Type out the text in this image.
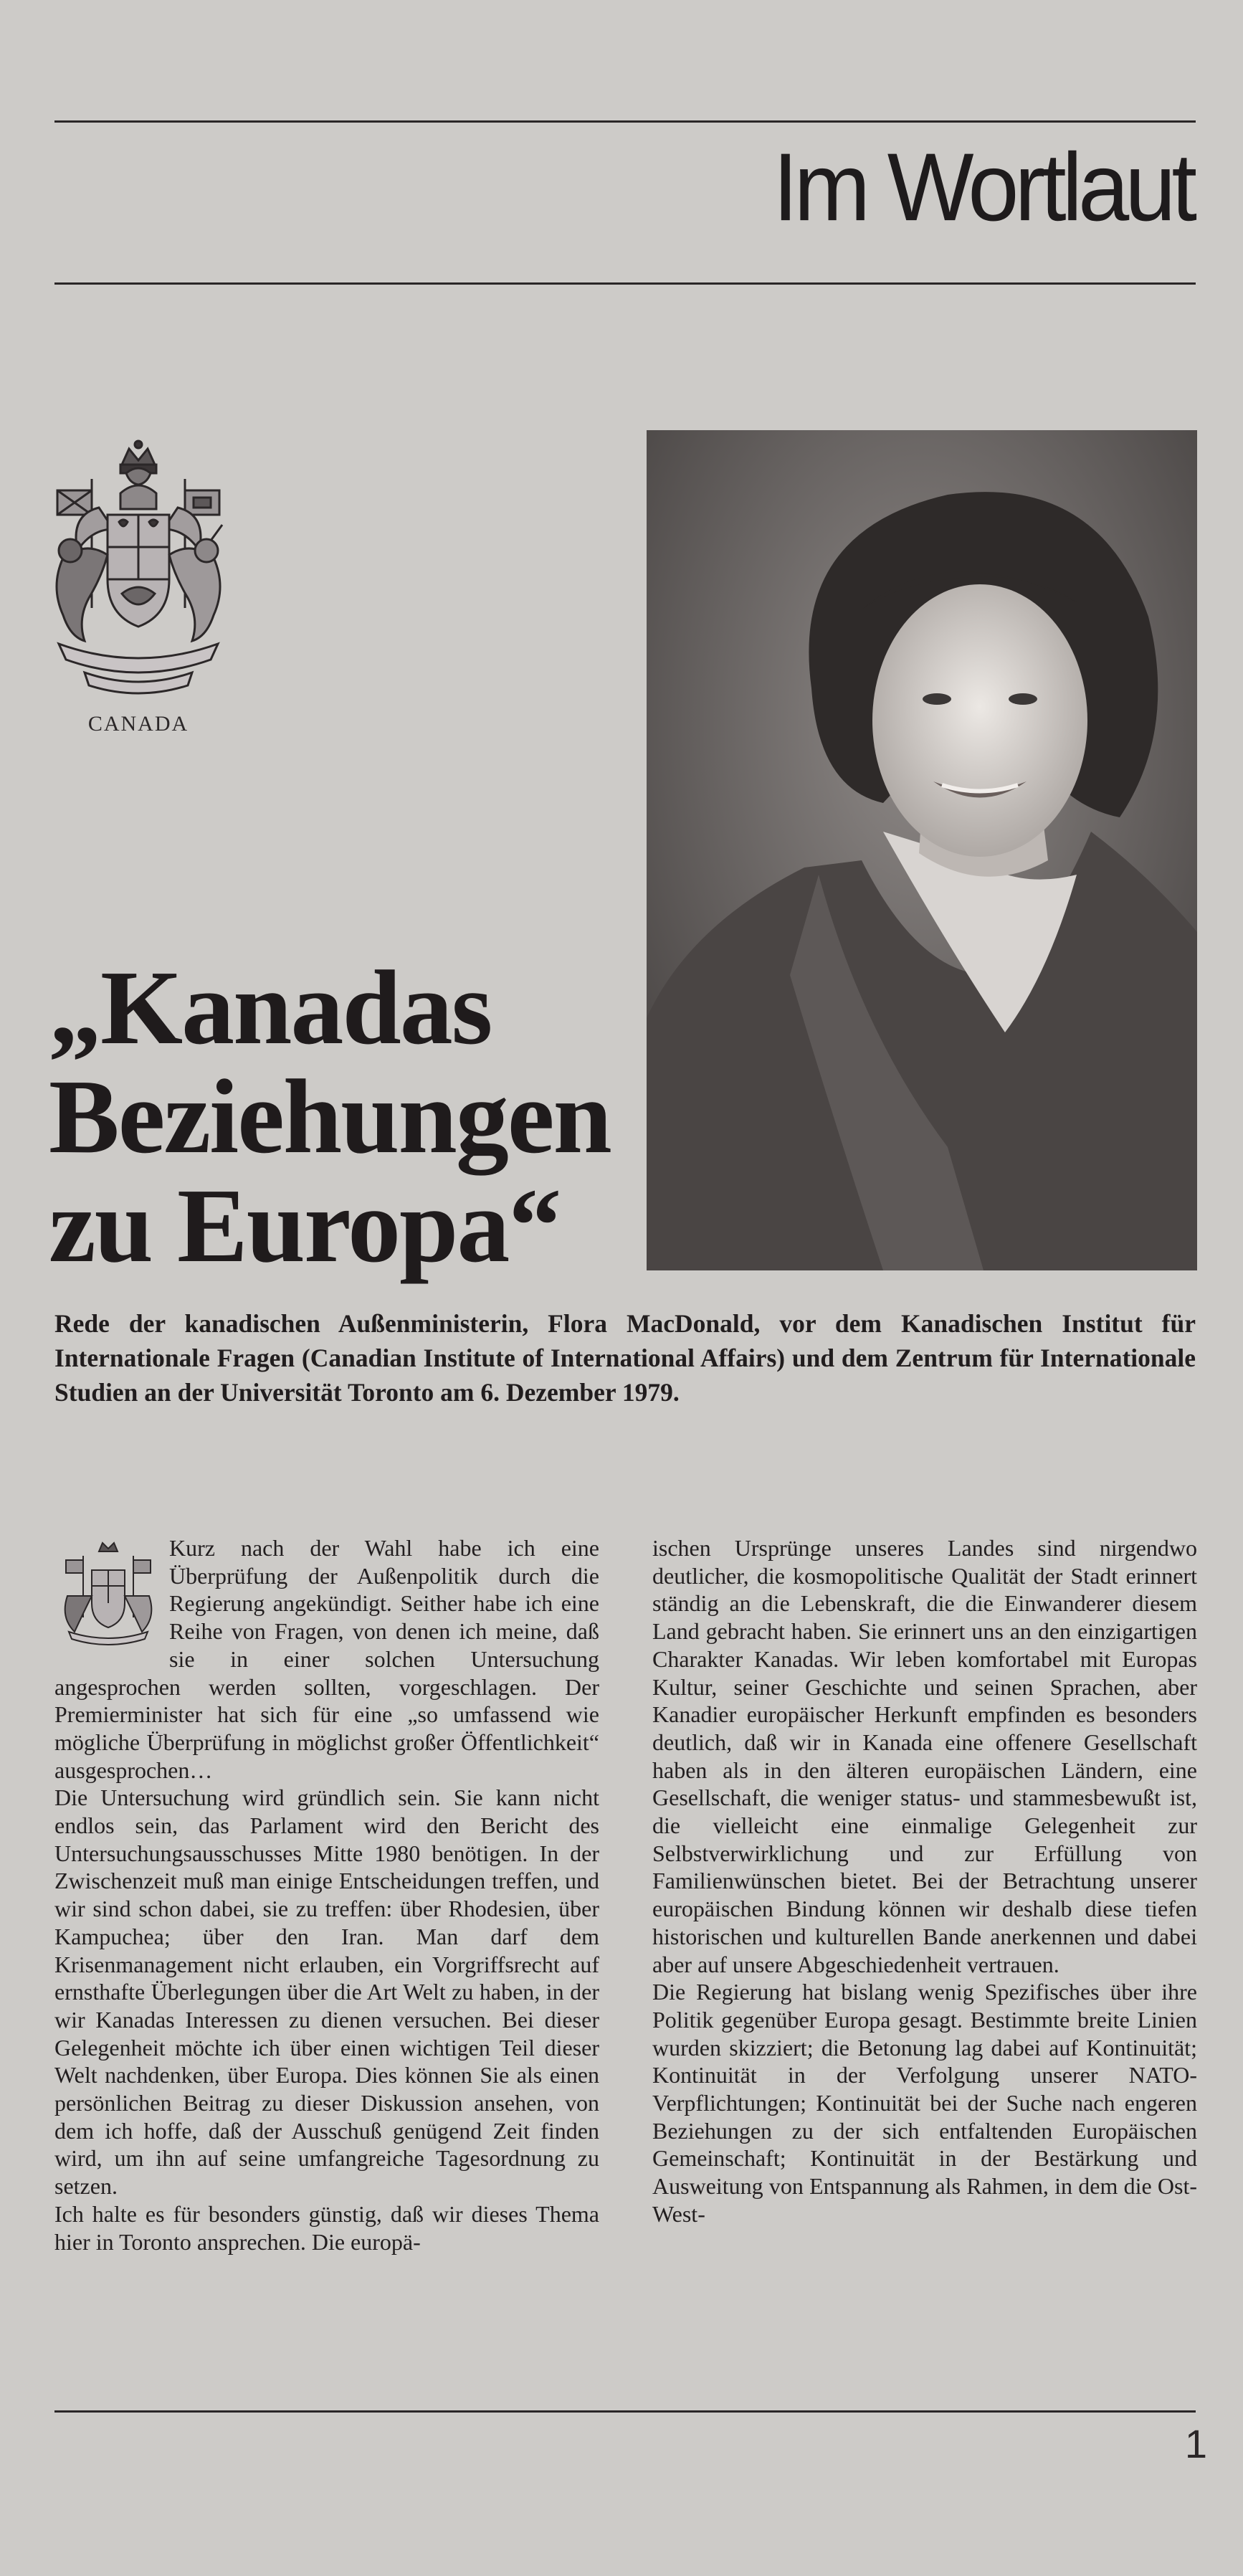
Im Wortlaut
CANADA
„Kanadas
Beziehungen
zu Europa“
Rede der kanadischen Außenministerin, Flora MacDonald, vor dem Kanadischen Institut für Internationale Fragen (Canadian Institute of International Affairs) und dem Zentrum für Internationale Studien an der Universität Toronto am 6. Dezember 1979.

Kurz nach der Wahl habe ich eine Überprüfung der Außenpolitik durch die Regierung angekündigt. Seither habe ich eine Reihe von Fragen, von denen ich meine, daß sie in einer solchen Untersuchung angesprochen werden sollten, vorgeschlagen. Der Premierminister hat sich für eine „so umfassend wie mögliche Überprüfung in möglichst großer Öffentlichkeit“ ausgesprochen…

Die Untersuchung wird gründlich sein. Sie kann nicht endlos sein, das Parlament wird den Bericht des Untersuchungsausschusses Mitte 1980 benötigen. In der Zwischenzeit muß man einige Entscheidungen treffen, und wir sind schon dabei, sie zu treffen: über Rhodesien, über Kampuchea; über den Iran. Man darf dem Krisenmanagement nicht erlauben, ein Vorgriffsrecht auf ernsthafte Überlegungen über die Art Welt zu haben, in der wir Kanadas Interessen zu dienen versuchen. Bei dieser Gelegenheit möchte ich über einen wichtigen Teil dieser Welt nachdenken, über Europa. Dies können Sie als einen persönlichen Beitrag zu dieser Diskussion ansehen, von dem ich hoffe, daß der Ausschuß genügend Zeit finden wird, um ihn auf seine umfangreiche Tagesordnung zu setzen.

Ich halte es für besonders günstig, daß wir dieses Thema hier in Toronto ansprechen. Die europä-

ischen Ursprünge unseres Landes sind nirgendwo deutlicher, die kosmopolitische Qualität der Stadt erinnert ständig an die Lebenskraft, die die Einwanderer diesem Land gebracht haben. Sie erinnert uns an den einzigartigen Charakter Kanadas. Wir leben komfortabel mit Europas Kultur, seiner Geschichte und seinen Sprachen, aber Kanadier europäischer Herkunft empfinden es besonders deutlich, daß wir in Kanada eine offenere Gesellschaft haben als in den älteren europäischen Ländern, eine Gesellschaft, die weniger status- und stammesbewußt ist, die vielleicht eine einmalige Gelegenheit zur Selbstverwirklichung und zur Erfüllung von Familienwünschen bietet. Bei der Betrachtung unserer europäischen Bindung können wir deshalb diese tiefen historischen und kulturellen Bande anerkennen und dabei aber auf unsere Abgeschiedenheit vertrauen.

Die Regierung hat bislang wenig Spezifisches über ihre Politik gegenüber Europa gesagt. Bestimmte breite Linien wurden skizziert; die Betonung lag dabei auf Kontinuität; Kontinuität in der Verfolgung unserer NATO-Verpflichtungen; Kontinuität bei der Suche nach engeren Beziehungen zu der sich entfaltenden Europäischen Gemeinschaft; Kontinuität in der Bestärkung und Ausweitung von Entspannung als Rahmen, in dem die Ost-West-

1
